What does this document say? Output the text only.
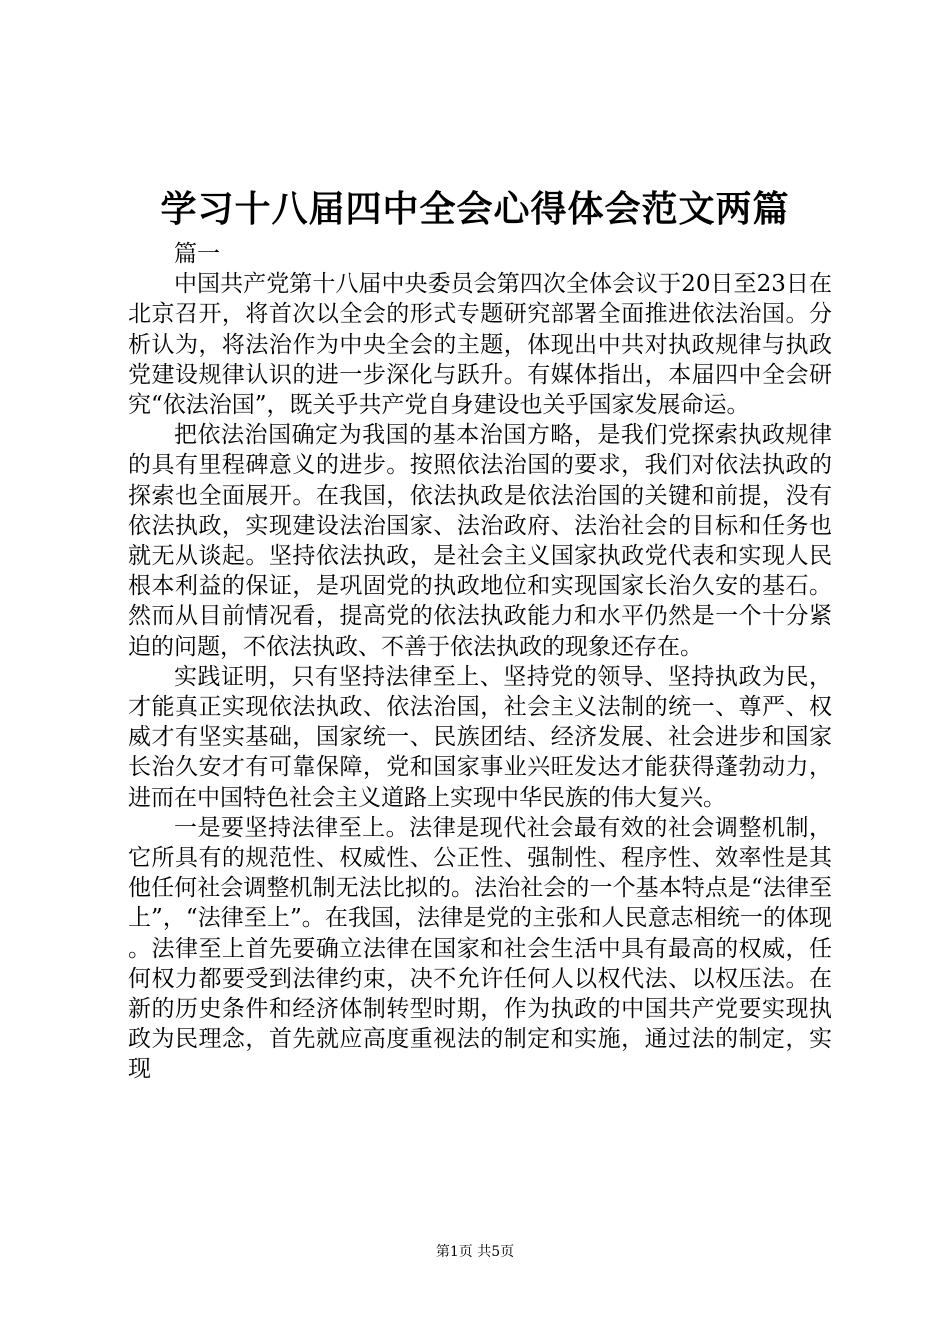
学习十八届四中全会心得体会范文两篇

篇一

中国共产党第十八届中央委员会第四次全体会议于20日至23日在北京召开，将首次以全会的形式专题研究部署全面推进依法治国。分析认为，将法治作为中央全会的主题，体现出中共对执政规律与执政党建设规律认识的进一步深化与跃升。有媒体指出，本届四中全会研究“依法治国”，既关乎共产党自身建设也关乎国家发展命运。

把依法治国确定为我国的基本治国方略，是我们党探索执政规律的具有里程碑意义的进步。按照依法治国的要求，我们对依法执政的探索也全面展开。在我国，依法执政是依法治国的关键和前提，没有依法执政，实现建设法治国家、法治政府、法治社会的目标和任务也就无从谈起。坚持依法执政，是社会主义国家执政党代表和实现人民根本利益的保证，是巩固党的执政地位和实现国家长治久安的基石。然而从目前情况看，提高党的依法执政能力和水平仍然是一个十分紧迫的问题，不依法执政、不善于依法执政的现象还存在。

实践证明，只有坚持法律至上、坚持党的领导、坚持执政为民，才能真正实现依法执政、依法治国，社会主义法制的统一、尊严、权威才有坚实基础，国家统一、民族团结、经济发展、社会进步和国家长治久安才有可靠保障，党和国家事业兴旺发达才能获得蓬勃动力，进而在中国特色社会主义道路上实现中华民族的伟大复兴。

一是要坚持法律至上。法律是现代社会最有效的社会调整机制，它所具有的规范性、权威性、公正性、强制性、程序性、效率性是其他任何社会调整机制无法比拟的。法治社会的一个基本特点是“法律至上”，“法律至上”。在我国，法律是党的主张和人民意志相统一的体现。法律至上首先要确立法律在国家和社会生活中具有最高的权威，任何权力都要受到法律约束，决不允许任何人以权代法、以权压法。在新的历史条件和经济体制转型时期，作为执政的中国共产党要实现执政为民理念，首先就应高度重视法的制定和实施，通过法的制定，实现

第1页 共5页
